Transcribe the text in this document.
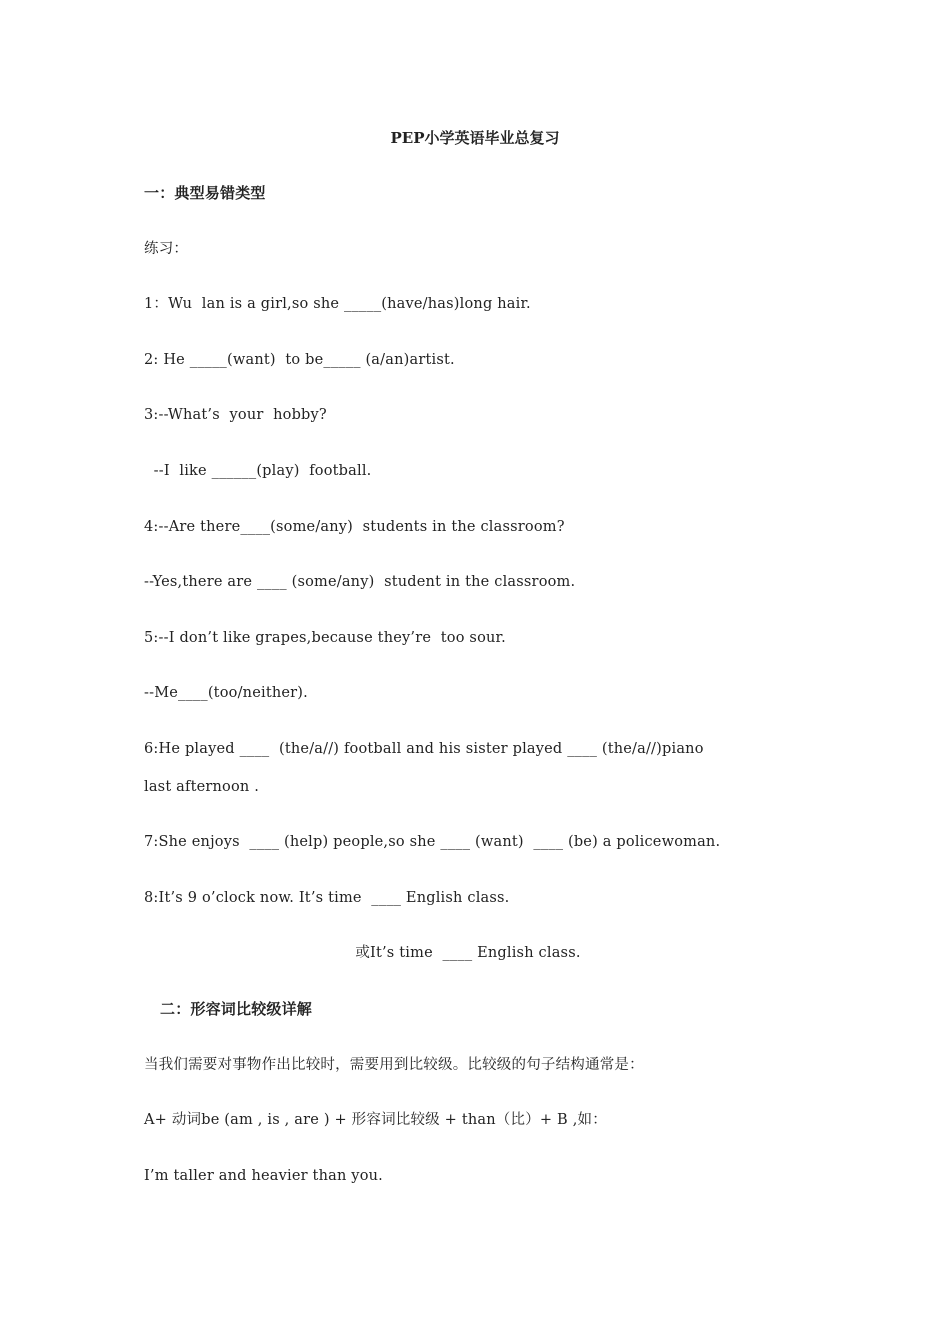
PEP小学英语毕业总复习
一：典型易错类型
练习：
1：Wu  lan is a girl,so she _____(have/has)long hair.
2: He _____(want)  to be_____ (a/an)artist.
3:--What’s  your  hobby?
--I  like ______(play)  football.
4:--Are there____(some/any)  students in the classroom?
--Yes,there are ____ (some/any)  student in the classroom.
5:--I don’t like grapes,because they’re  too sour.
--Me____(too/neither).
6:He played ____  (the/a//) football and his sister played ____ (the/a//)piano
last afternoon .
7:She enjoys  ____ (help) people,so she ____ (want)  ____ (be) a policewoman.
8:It’s 9 o’clock now. It’s time  ____ English class.
或It’s time  ____ English class.
二：形容词比较级详解
当我们需要对事物作出比较时，需要用到比较级。比较级的句子结构通常是：
A+ 动词be (am , is , are ) + 形容词比较级 + than（比）+ B ,如：
I’m taller and heavier than you.
